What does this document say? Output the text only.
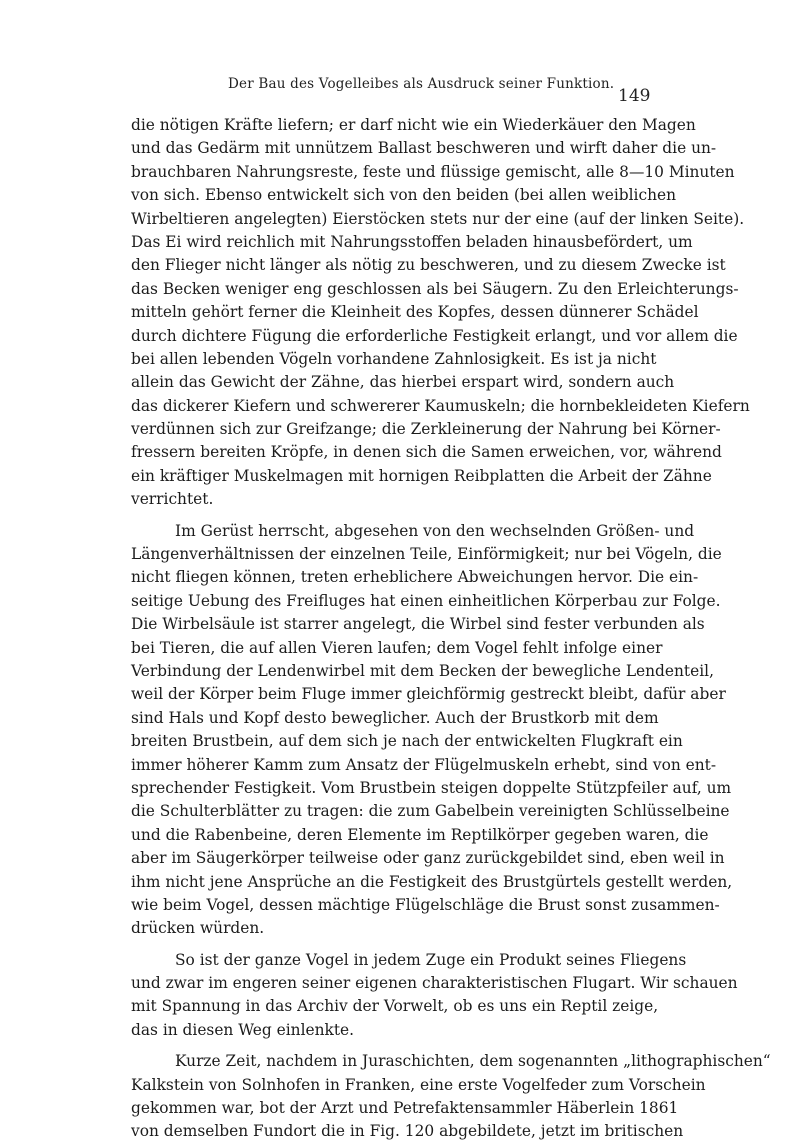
Der Bau des Vogelleibes als Ausdruck seiner Funktion.
149
die nötigen Kräfte liefern; er darf nicht wie ein Wiederkäuer den Magen
und das Gedärm mit unnützem Ballast beschweren und wirft daher die un-
brauchbaren Nahrungsreste, feste und flüssige gemischt, alle 8—10 Minuten
von sich. Ebenso entwickelt sich von den beiden (bei allen weiblichen
Wirbeltieren angelegten) Eierstöcken stets nur der eine (auf der linken Seite).
Das Ei wird reichlich mit Nahrungsstoffen beladen hinausbefördert, um
den Flieger nicht länger als nötig zu beschweren, und zu diesem Zwecke ist
das Becken weniger eng geschlossen als bei Säugern. Zu den Erleichterungs-
mitteln gehört ferner die Kleinheit des Kopfes, dessen dünnerer Schädel
durch dichtere Fügung die erforderliche Festigkeit erlangt, und vor allem die
bei allen lebenden Vögeln vorhandene Zahnlosigkeit. Es ist ja nicht
allein das Gewicht der Zähne, das hierbei erspart wird, sondern auch
das dickerer Kiefern und schwererer Kaumuskeln; die hornbekleideten Kiefern
verdünnen sich zur Greifzange; die Zerkleinerung der Nahrung bei Körner-
fressern bereiten Kröpfe, in denen sich die Samen erweichen, vor, während
ein kräftiger Muskelmagen mit hornigen Reibplatten die Arbeit der Zähne
verrichtet.
Im Gerüst herrscht, abgesehen von den wechselnden Größen- und
Längenverhältnissen der einzelnen Teile, Einförmigkeit; nur bei Vögeln, die
nicht fliegen können, treten erheblichere Abweichungen hervor. Die ein-
seitige Uebung des Freifluges hat einen einheitlichen Körperbau zur Folge.
Die Wirbelsäule ist starrer angelegt, die Wirbel sind fester verbunden als
bei Tieren, die auf allen Vieren laufen; dem Vogel fehlt infolge einer
Verbindung der Lendenwirbel mit dem Becken der bewegliche Lendenteil,
weil der Körper beim Fluge immer gleichförmig gestreckt bleibt, dafür aber
sind Hals und Kopf desto beweglicher. Auch der Brustkorb mit dem
breiten Brustbein, auf dem sich je nach der entwickelten Flugkraft ein
immer höherer Kamm zum Ansatz der Flügelmuskeln erhebt, sind von ent-
sprechender Festigkeit. Vom Brustbein steigen doppelte Stützpfeiler auf, um
die Schulterblätter zu tragen: die zum Gabelbein vereinigten Schlüsselbeine
und die Rabenbeine, deren Elemente im Reptilkörper gegeben waren, die
aber im Säugerkörper teilweise oder ganz zurückgebildet sind, eben weil in
ihm nicht jene Ansprüche an die Festigkeit des Brustgürtels gestellt werden,
wie beim Vogel, dessen mächtige Flügelschläge die Brust sonst zusammen-
drücken würden.
So ist der ganze Vogel in jedem Zuge ein Produkt seines Fliegens
und zwar im engeren seiner eigenen charakteristischen Flugart. Wir schauen
mit Spannung in das Archiv der Vorwelt, ob es uns ein Reptil zeige,
das in diesen Weg einlenkte.
Kurze Zeit, nachdem in Juraschichten, dem sogenannten „lithographischen“
Kalkstein von Solnhofen in Franken, eine erste Vogelfeder zum Vorschein
gekommen war, bot der Arzt und Petrefaktensammler Häberlein 1861
von demselben Fundort die in Fig. 120 abgebildete, jetzt im britischen
